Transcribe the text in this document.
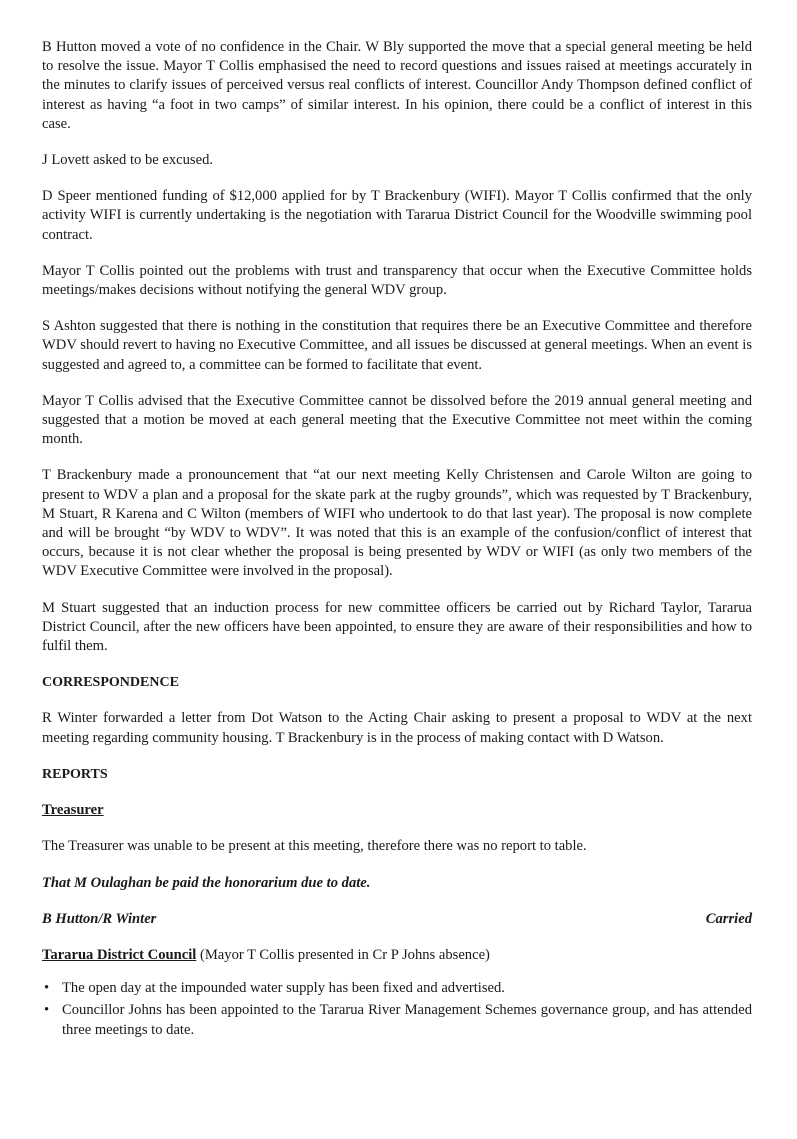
B Hutton moved a vote of no confidence in the Chair. W Bly supported the move that a special general meeting be held to resolve the issue. Mayor T Collis emphasised the need to record questions and issues raised at meetings accurately in the minutes to clarify issues of perceived versus real conflicts of interest. Councillor Andy Thompson defined conflict of interest as having “a foot in two camps” of similar interest. In his opinion, there could be a conflict of interest in this case.

J Lovett asked to be excused.

D Speer mentioned funding of $12,000 applied for by T Brackenbury (WIFI). Mayor T Collis confirmed that the only activity WIFI is currently undertaking is the negotiation with Tararua District Council for the Woodville swimming pool contract.

Mayor T Collis pointed out the problems with trust and transparency that occur when the Executive Committee holds meetings/makes decisions without notifying the general WDV group.

S Ashton suggested that there is nothing in the constitution that requires there be an Executive Committee and therefore WDV should revert to having no Executive Committee, and all issues be discussed at general meetings. When an event is suggested and agreed to, a committee can be formed to facilitate that event.

Mayor T Collis advised that the Executive Committee cannot be dissolved before the 2019 annual general meeting and suggested that a motion be moved at each general meeting that the Executive Committee not meet within the coming month.

T Brackenbury made a pronouncement that “at our next meeting Kelly Christensen and Carole Wilton are going to present to WDV a plan and a proposal for the skate park at the rugby grounds”, which was requested by T Brackenbury, M Stuart, R Karena and C Wilton (members of WIFI who undertook to do that last year). The proposal is now complete and will be brought “by WDV to WDV”. It was noted that this is an example of the confusion/conflict of interest that occurs, because it is not clear whether the proposal is being presented by WDV or WIFI (as only two members of the WDV Executive Committee were involved in the proposal).

M Stuart suggested that an induction process for new committee officers be carried out by Richard Taylor, Tararua District Council, after the new officers have been appointed, to ensure they are aware of their responsibilities and how to fulfil them.

CORRESPONDENCE

R Winter forwarded a letter from Dot Watson to the Acting Chair asking to present a proposal to WDV at the next meeting regarding community housing. T Brackenbury is in the process of making contact with D Watson.

REPORTS

Treasurer

The Treasurer was unable to be present at this meeting, therefore there was no report to table.

That M Oulaghan be paid the honorarium due to date.

B Hutton/R Winter	Carried

Tararua District Council (Mayor T Collis presented in Cr P Johns absence)

• The open day at the impounded water supply has been fixed and advertised.
• Councillor Johns has been appointed to the Tararua River Management Schemes governance group, and has attended three meetings to date.
